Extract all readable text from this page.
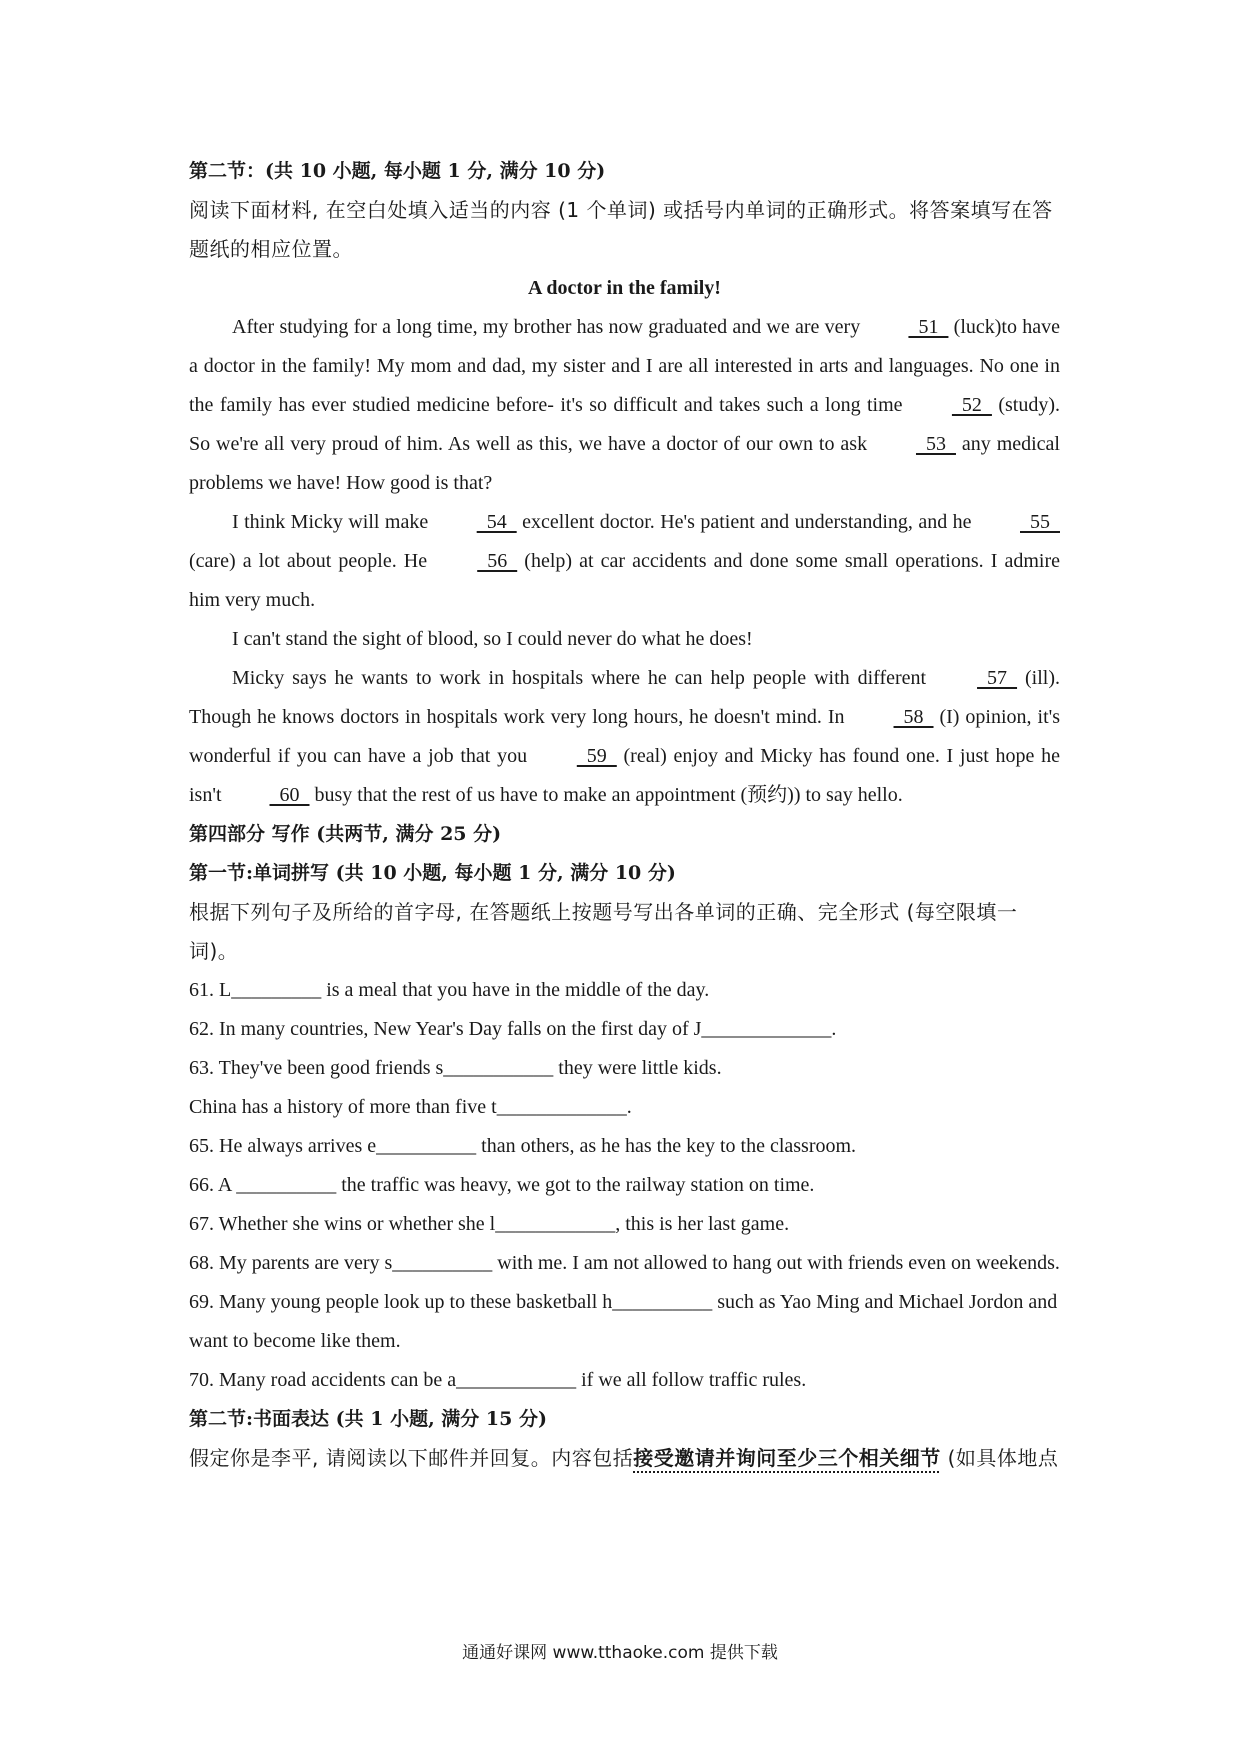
第二节：(共 10 小题, 每小题 1 分, 满分 10 分)
阅读下面材料, 在空白处填入适当的内容 (1 个单词) 或括号内单词的正确形式。将答案填写在答题纸的相应位置。
A doctor in the family!

After studying for a long time, my brother has now graduated and we are very   51   (luck)to have a doctor in the family! My mom and dad, my sister and I are all interested in arts and languages. No one in the family has ever studied medicine before- it's so difficult and takes such a long time   52   (study). So we're all very proud of him. As well as this, we have a doctor of our own to ask   53   any medical problems we have! How good is that?

I think Micky will make   54   excellent doctor. He's patient and understanding, and he   55   (care) a lot about people. He   56   (help) at car accidents and done some small operations. I admire him very much.

I can't stand the sight of blood, so I could never do what he does!

Micky says he wants to work in hospitals where he can help people with different   57   (ill). Though he knows doctors in hospitals work very long hours, he doesn't mind. In   58   (I) opinion, it's wonderful if you can have a job that you   59   (real) enjoy and Micky has found one. I just hope he isn't   60   busy that the rest of us have to make an appointment (预约)) to say hello.

第四部分 写作 (共两节, 满分 25 分)
第一节:单词拼写 (共 10 小题, 每小题 1 分, 满分 10 分)
根据下列句子及所给的首字母, 在答题纸上按题号写出各单词的正确、完全形式 (每空限填一词)。

61. L_________ is a meal that you have in the middle of the day.

62. In many countries, New Year's Day falls on the first day of J_____________.

63. They've been good friends s___________ they were little kids.

China has a history of more than five t_____________.

65. He always arrives e__________ than others, as he has the key to the classroom.

66. A __________ the traffic was heavy, we got to the railway station on time.

67. Whether she wins or whether she l____________, this is her last game.

68. My parents are very s__________ with me. I am not allowed to hang out with friends even on weekends.

69. Many young people look up to these basketball h__________ such as Yao Ming and Michael Jordon and want to become like them.

70. Many road accidents can be a____________ if we all follow traffic rules.

第二节:书面表达 (共 1 小题, 满分 15 分)
假定你是李平, 请阅读以下邮件并回复。内容包括接受邀请并询问至少三个相关细节 (如具体地点
通通好课网 www.tthaoke.com 提供下载
